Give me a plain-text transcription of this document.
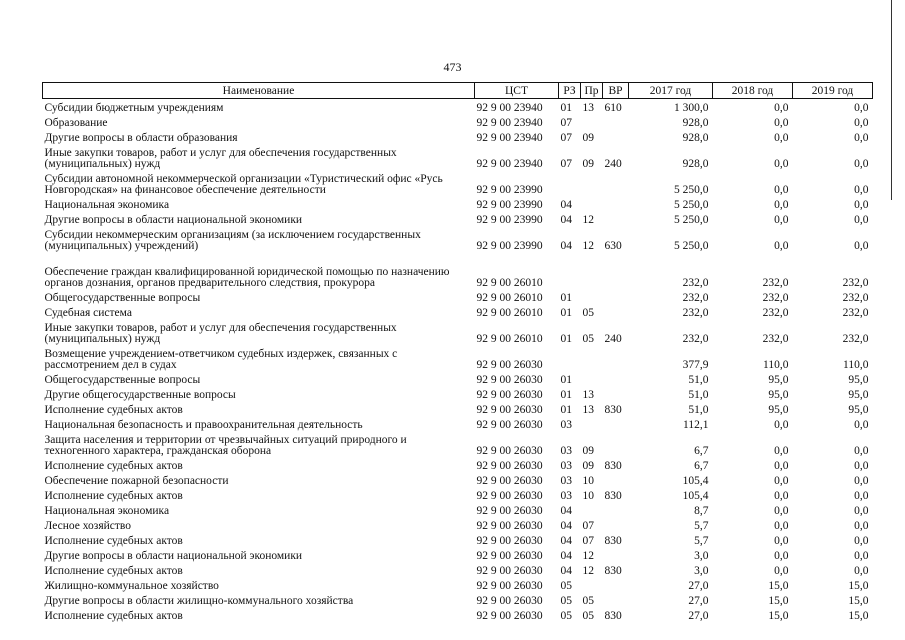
473
Наименование	ЦСТ	РЗ	Пр	ВР	2017 год	2018 год	2019 год
Субсидии бюджетным учреждениям	92 9 00 23940	01	13	610	1 300,0	0,0	0,0
Образование	92 9 00 23940	07			928,0	0,0	0,0
Другие вопросы в области образования	92 9 00 23940	07	09		928,0	0,0	0,0
Иные закупки товаров, работ и услуг для обеспечения государственных (муниципальных) нужд	92 9 00 23940	07	09	240	928,0	0,0	0,0
Субсидии автономной некоммерческой организации «Туристический офис «Русь Новгородская» на финансовое обеспечение деятельности	92 9 00 23990				5 250,0	0,0	0,0
Национальная экономика	92 9 00 23990	04			5 250,0	0,0	0,0
Другие вопросы в области национальной экономики	92 9 00 23990	04	12		5 250,0	0,0	0,0
Субсидии некоммерческим организациям (за исключением государственных (муниципальных) учреждений)	92 9 00 23990	04	12	630	5 250,0	0,0	0,0
Обеспечение граждан квалифицированной юридической помощью по назначению органов дознания, органов предварительного следствия, прокурора	92 9 00 26010				232,0	232,0	232,0
Общегосударственные вопросы	92 9 00 26010	01			232,0	232,0	232,0
Судебная система	92 9 00 26010	01	05		232,0	232,0	232,0
Иные закупки товаров, работ и услуг для обеспечения государственных (муниципальных) нужд	92 9 00 26010	01	05	240	232,0	232,0	232,0
Возмещение учреждением-ответчиком судебных издержек, связанных с рассмотрением дел в судах	92 9 00 26030				377,9	110,0	110,0
Общегосударственные вопросы	92 9 00 26030	01			51,0	95,0	95,0
Другие общегосударственные вопросы	92 9 00 26030	01	13		51,0	95,0	95,0
Исполнение судебных актов	92 9 00 26030	01	13	830	51,0	95,0	95,0
Национальная безопасность и правоохранительная деятельность	92 9 00 26030	03			112,1	0,0	0,0
Защита населения и территории от чрезвычайных ситуаций природного и техногенного характера, гражданская оборона	92 9 00 26030	03	09		6,7	0,0	0,0
Исполнение судебных актов	92 9 00 26030	03	09	830	6,7	0,0	0,0
Обеспечение пожарной безопасности	92 9 00 26030	03	10		105,4	0,0	0,0
Исполнение судебных актов	92 9 00 26030	03	10	830	105,4	0,0	0,0
Национальная экономика	92 9 00 26030	04			8,7	0,0	0,0
Лесное хозяйство	92 9 00 26030	04	07		5,7	0,0	0,0
Исполнение судебных актов	92 9 00 26030	04	07	830	5,7	0,0	0,0
Другие вопросы в области национальной экономики	92 9 00 26030	04	12		3,0	0,0	0,0
Исполнение судебных актов	92 9 00 26030	04	12	830	3,0	0,0	0,0
Жилищно-коммунальное хозяйство	92 9 00 26030	05			27,0	15,0	15,0
Другие вопросы в области жилищно-коммунального хозяйства	92 9 00 26030	05	05		27,0	15,0	15,0
Исполнение судебных актов	92 9 00 26030	05	05	830	27,0	15,0	15,0
